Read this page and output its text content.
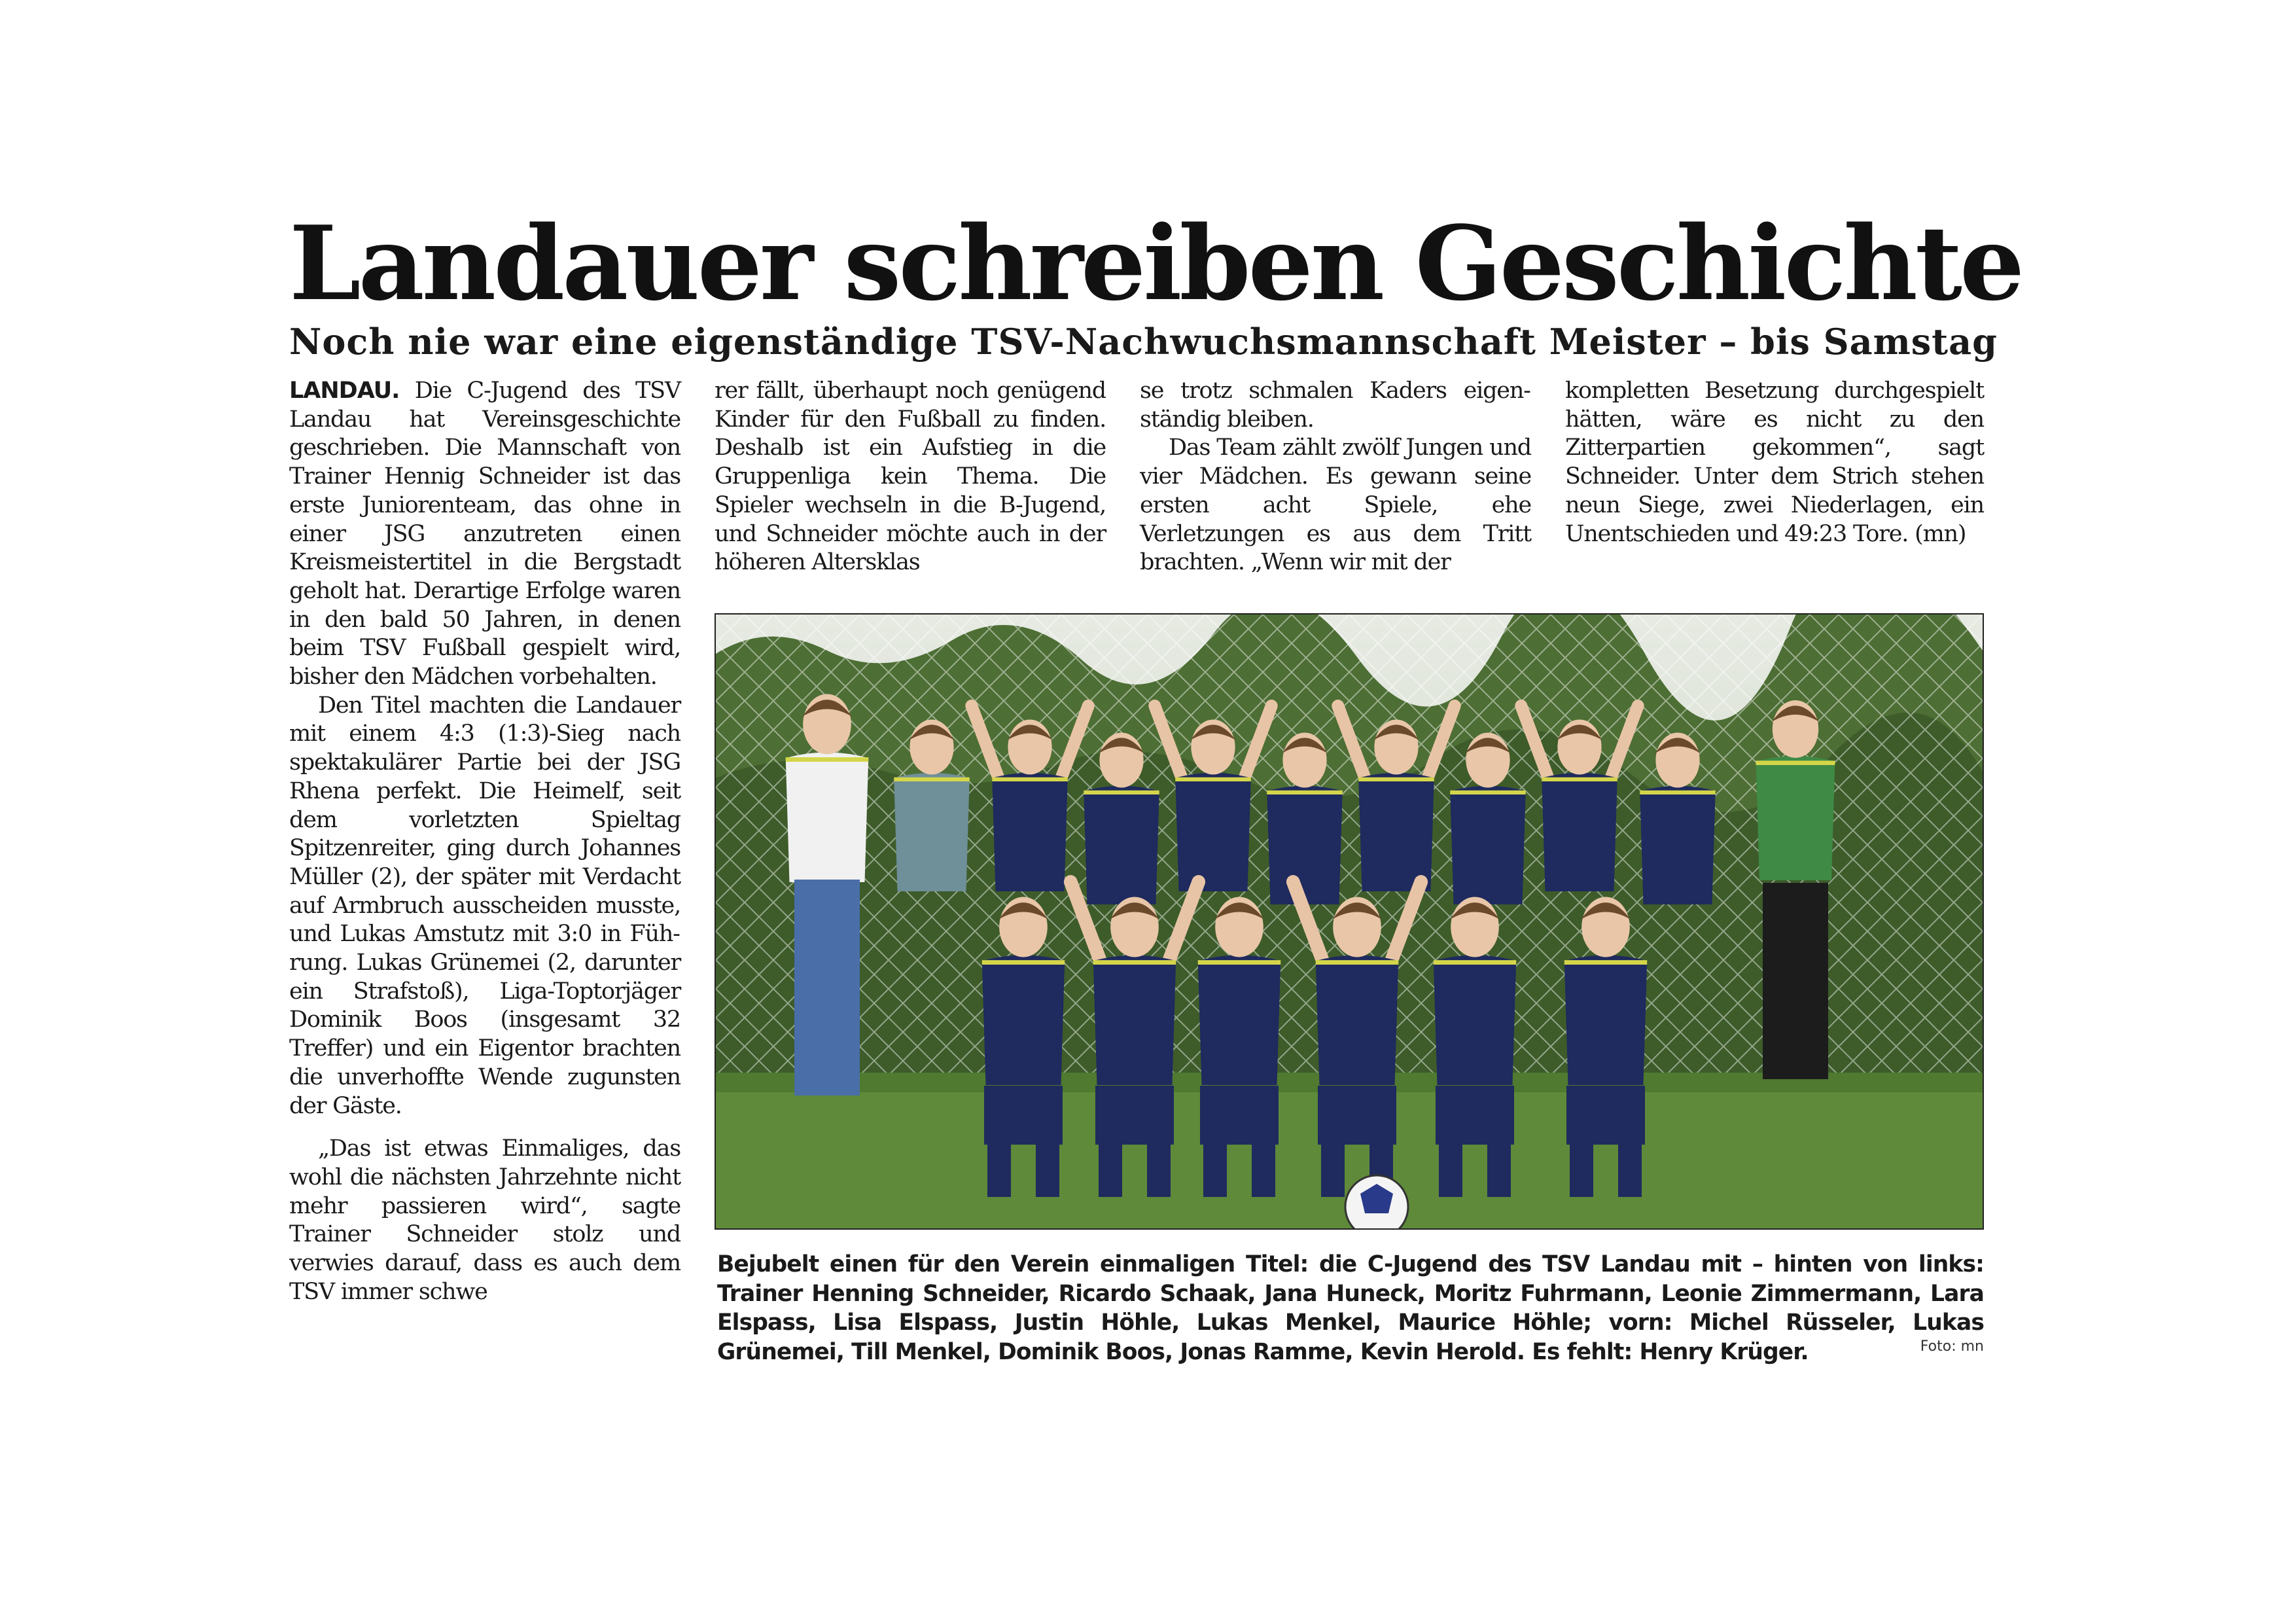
Landauer schreiben Geschichte
Noch nie war eine eigenständige TSV-Nachwuchsmannschaft Meister – bis Samstag

LANDAU. Die C-Jugend des TSV Landau hat Vereinsgeschichte geschrieben. Die Mannschaft von Trainer Hennig Schneider ist das erste Juniorenteam, das ohne in einer JSG anzutreten einen Kreismeistertitel in die Bergstadt geholt hat. Derartige Erfolge waren in den bald 50 Jahren, in denen beim TSV Fußball gespielt wird, bisher den Mädchen vorbehalten.

Den Titel machten die Landauer mit einem 4:3 (1:3)-Sieg nach spektakulärer Partie bei der JSG Rhena perfekt. Die Heimelf, seit dem vorletzten Spieltag Spitzenreiter, ging durch Johannes Müller (2), der später mit Verdacht auf Armbruch ausscheiden musste, und Lukas Amstutz mit 3:0 in Führung. Lukas Grünemei (2, darunter ein Strafstoß), Liga-Toptorjäger Dominik Boos (insgesamt 32 Treffer) und ein Eigentor brachten die unverhoffte Wende zugunsten der Gäste.

„Das ist etwas Einmaliges, das wohl die nächsten Jahrzehnte nicht mehr passieren wird“, sagte Trainer Schneider stolz und verwies darauf, dass es auch dem TSV immer schwe

rer fällt, überhaupt noch genügend Kinder für den Fußball zu finden. Deshalb ist ein Aufstieg in die Gruppenliga kein Thema. Die Spieler wechseln in die B-Jugend, und Schneider möchte auch in der höheren Altersklas

se trotz schmalen Kaders eigenständig bleiben.

Das Team zählt zwölf Jungen und vier Mädchen. Es gewann seine ersten acht Spiele, ehe Verletzungen es aus dem Tritt brachten. „Wenn wir mit der

kompletten Besetzung durchgespielt hätten, wäre es nicht zu den Zitterpartien gekommen“, sagt Schneider. Unter dem Strich stehen neun Siege, zwei Niederlagen, ein Unentschieden und 49:23 Tore. (mn)

Bejubelt einen für den Verein einmaligen Titel: die C-Jugend des TSV Landau mit – hinten von links: Trainer Henning Schneider, Ricardo Schaak, Jana Huneck, Moritz Fuhrmann, Leonie Zimmermann, Lara Elspass, Lisa Elspass, Justin Höhle, Lukas Menkel, Maurice Höhle; vorn: Michel Rüsseler, Lukas Grünemei, Till Menkel, Dominik Boos, Jonas Ramme, Kevin Herold. Es fehlt: Henry Krüger.	Foto: mn
